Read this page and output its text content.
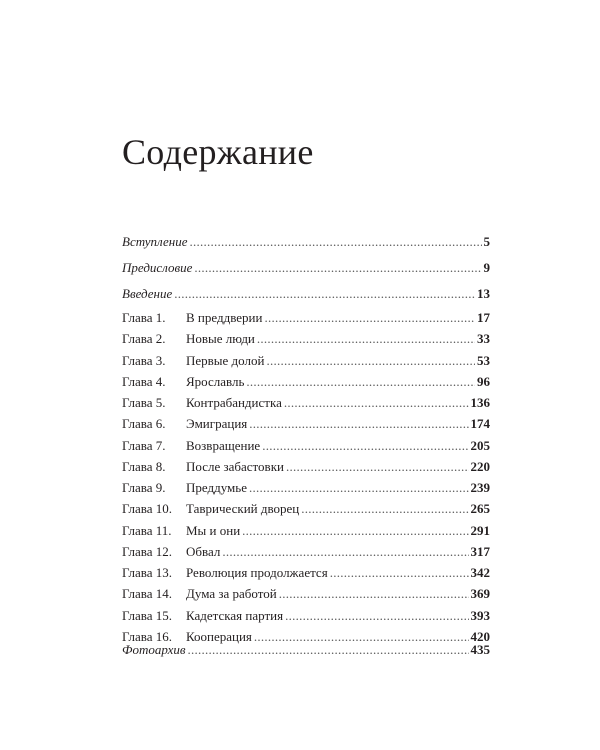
Содержание
Вступление . . .	5
Предисловие . . .	9
Введение . . .	13
Глава 1.	В преддверии . . .	17
Глава 2.	Новые люди . . .	33
Глава 3.	Первые долой . . .	53
Глава 4.	Ярославль . . .	96
Глава 5.	Контрабандистка . . .	136
Глава 6.	Эмиграция . . .	174
Глава 7.	Возвращение . . .	205
Глава 8.	После забастовки . . .	220
Глава 9.	Преддумье . . .	239
Глава 10.	Таврический дворец . . .	265
Глава 11.	Мы и они . . .	291
Глава 12.	Обвал . . .	317
Глава 13.	Революция продолжается . . .	342
Глава 14.	Дума за работой . . .	369
Глава 15.	Кадетская партия . . .	393
Глава 16.	Кооперация . . .	420
Фотоархив . . .	435
